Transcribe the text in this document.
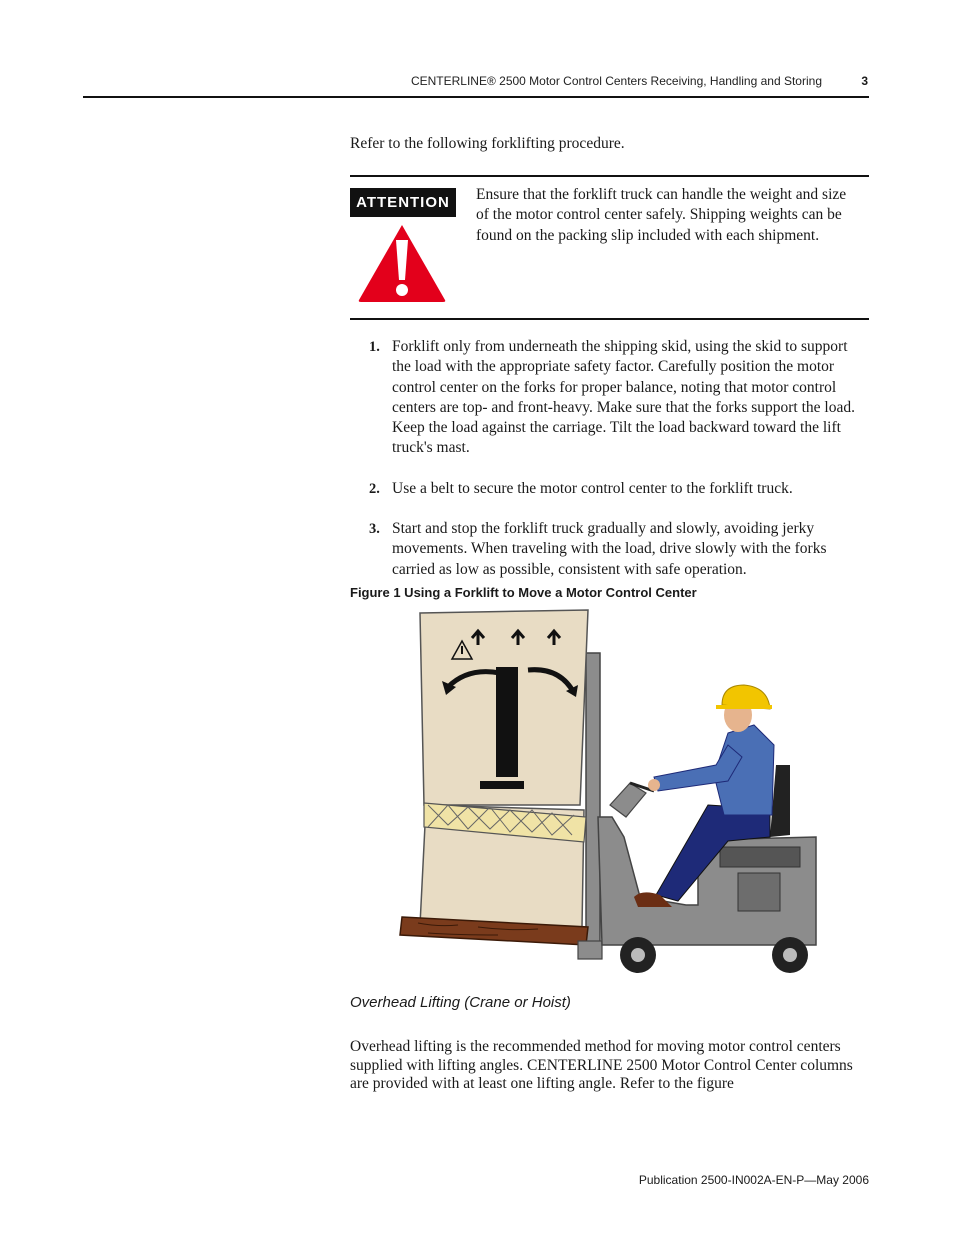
CENTERLINE® 2500 Motor Control Centers Receiving, Handling and Storing	3
Refer to the following forklifting procedure.
ATTENTION	Ensure that the forklift truck can handle the weight and size of the motor control center safely. Shipping weights can be found on the packing slip included with each shipment.
1. Forklift only from underneath the shipping skid, using the skid to support the load with the appropriate safety factor. Carefully position the motor control center on the forks for proper balance, noting that motor control centers are top- and front-heavy. Make sure that the forks support the load. Keep the load against the carriage. Tilt the load backward toward the lift truck's mast.
2. Use a belt to secure the motor control center to the forklift truck.
3. Start and stop the forklift truck gradually and slowly, avoiding jerky movements. When traveling with the load, drive slowly with the forks carried as low as possible, consistent with safe operation.
Figure 1 Using a Forklift to Move a Motor Control Center
Overhead Lifting (Crane or Hoist)
Overhead lifting is the recommended method for moving motor control centers supplied with lifting angles. CENTERLINE 2500 Motor Control Center columns are provided with at least one lifting angle. Refer to the figure
Publication 2500-IN002A-EN-P—May 2006
